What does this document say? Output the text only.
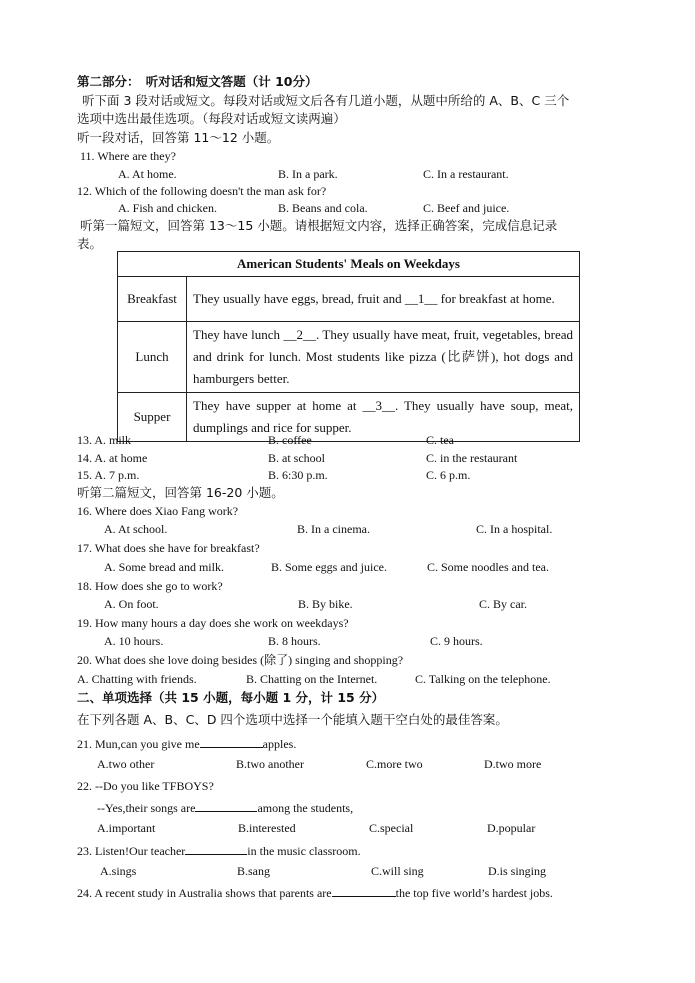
第二部分：　听对话和短文答题（计 10分）
听下面 3 段对话或短文。每段对话或短文后各有几道小题，从题中所给的 A、B、C 三个
选项中选出最佳选项。（每段对话或短文读两遍）
听一段对话，回答第 11～12 小题。
11. Where are they?
A. At home.	B. In a park.	C. In a restaurant.
12. Which of the following doesn't the man ask for?
A. Fish and chicken.	B. Beans and cola.	C. Beef and juice.
听第一篇短文，回答第 13～15 小题。请根据短文内容，选择正确答案，完成信息记录
表。
American Students' Meals on Weekdays	
Breakfast	They usually have eggs, bread, fruit and __1__ for breakfast at home.
Lunch	They have lunch __2__. They usually have meat, fruit, vegetables, bread and drink for lunch. Most students like pizza (比萨饼), hot dogs and hamburgers better.
Supper	They have supper at home at __3__. They usually have soup, meat, dumplings and rice for supper.
13. A. milk	B. coffee	C. tea
14. A. at home	B. at school	C. in the restaurant
15. A. 7 p.m.	B. 6:30 p.m.	C. 6 p.m.
听第二篇短文，回答第 16-20 小题。
16. Where does Xiao Fang work?
A. At school.	B. In a cinema.	C. In a hospital.
17. What does she have for breakfast?
A. Some bread and milk.	B. Some eggs and juice.	C. Some noodles and tea.
18. How does she go to work?
A. On foot.	B. By bike.	C. By car.
19. How many hours a day does she work on weekdays?
A. 10 hours.	B. 8 hours.	C. 9 hours.
20. What does she love doing besides (除了) singing and shopping?
A. Chatting with friends.	B. Chatting on the Internet.	C. Talking on the telephone.
二、单项选择（共 15 小题，每小题 1 分，计 15 分）
在下列各题 A、B、C、D 四个选项中选择一个能填入题干空白处的最佳答案。
21. Mun,can you give me	apples.
A.two other	B.two another	C.more two	D.two more
22. --Do you like TFBOYS?
--Yes,their songs are	among the students,
A.important	B.interested	C.special	D.popular
23. Listen!Our teacher	in the music classroom.
A.sings	B.sang	C.will sing	D.is singing
24. A recent study in Australia shows that parents are	the top five world’s hardest jobs.
